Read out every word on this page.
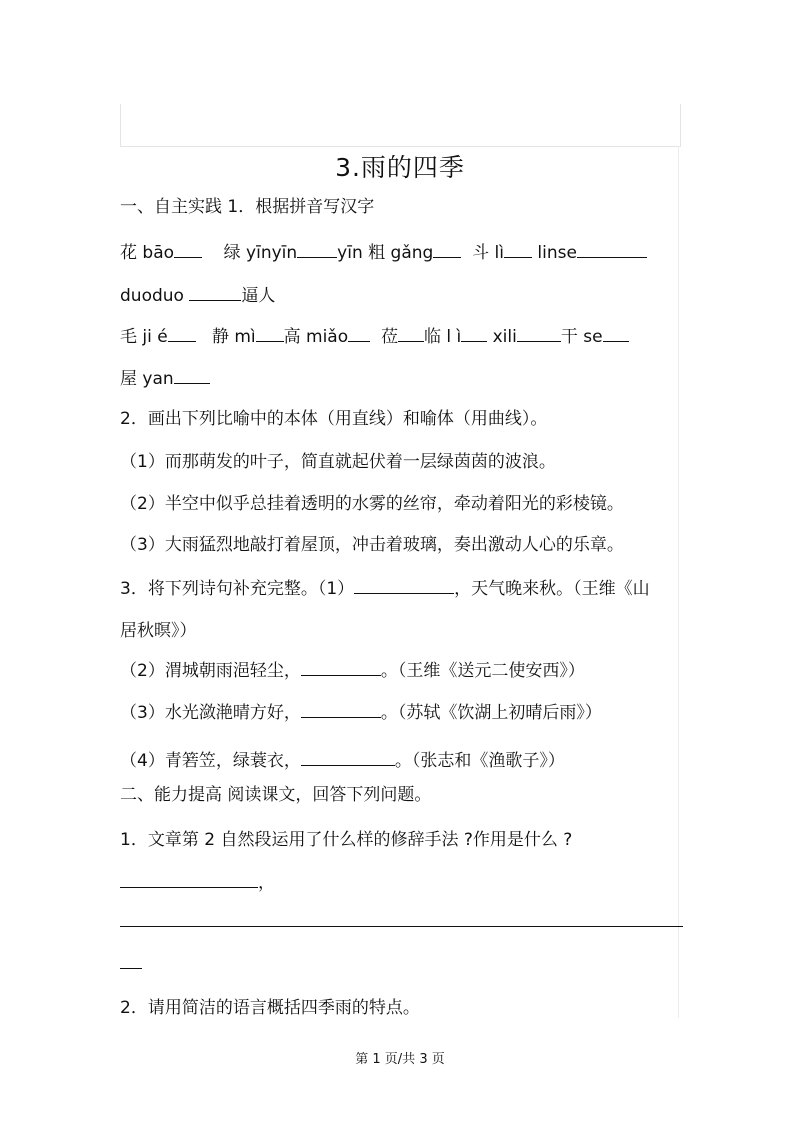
3.雨的四季
一、自主实践 1．根据拼音写汉字
花 bāo	绿 yīnyīn yīn 粗 gǎng 斗 lì linse
duoduo	逼人
毛 ji é	静 mì 高 miǎo 莅 临 l ì xili	干 se
屋 yan
2．画出下列比喻中的本体（用直线）和喻体（用曲线）。
（1）而那萌发的叶子，简直就起伏着一层绿茵茵的波浪。
（2）半空中似乎总挂着透明的水雾的丝帘，牵动着阳光的彩棱镜。
（3）大雨猛烈地敲打着屋顶，冲击着玻璃，奏出激动人心的乐章。
3．将下列诗句补充完整。（1）	，天气晚来秋。（王维《山
居秋暝》）
（2）渭城朝雨浥轻尘，	。（王维《送元二使安西》）
（3）水光潋滟晴方好，	。（苏轼《饮湖上初晴后雨》）
（4）青箬笠，绿蓑衣，	。（张志和《渔歌子》）
二、能力提高 阅读课文，回答下列问题。
1．文章第 2 自然段运用了什么样的修辞手法 ?作用是什么 ?
，
2．请用简洁的语言概括四季雨的特点。
第 1 页/共 3 页
